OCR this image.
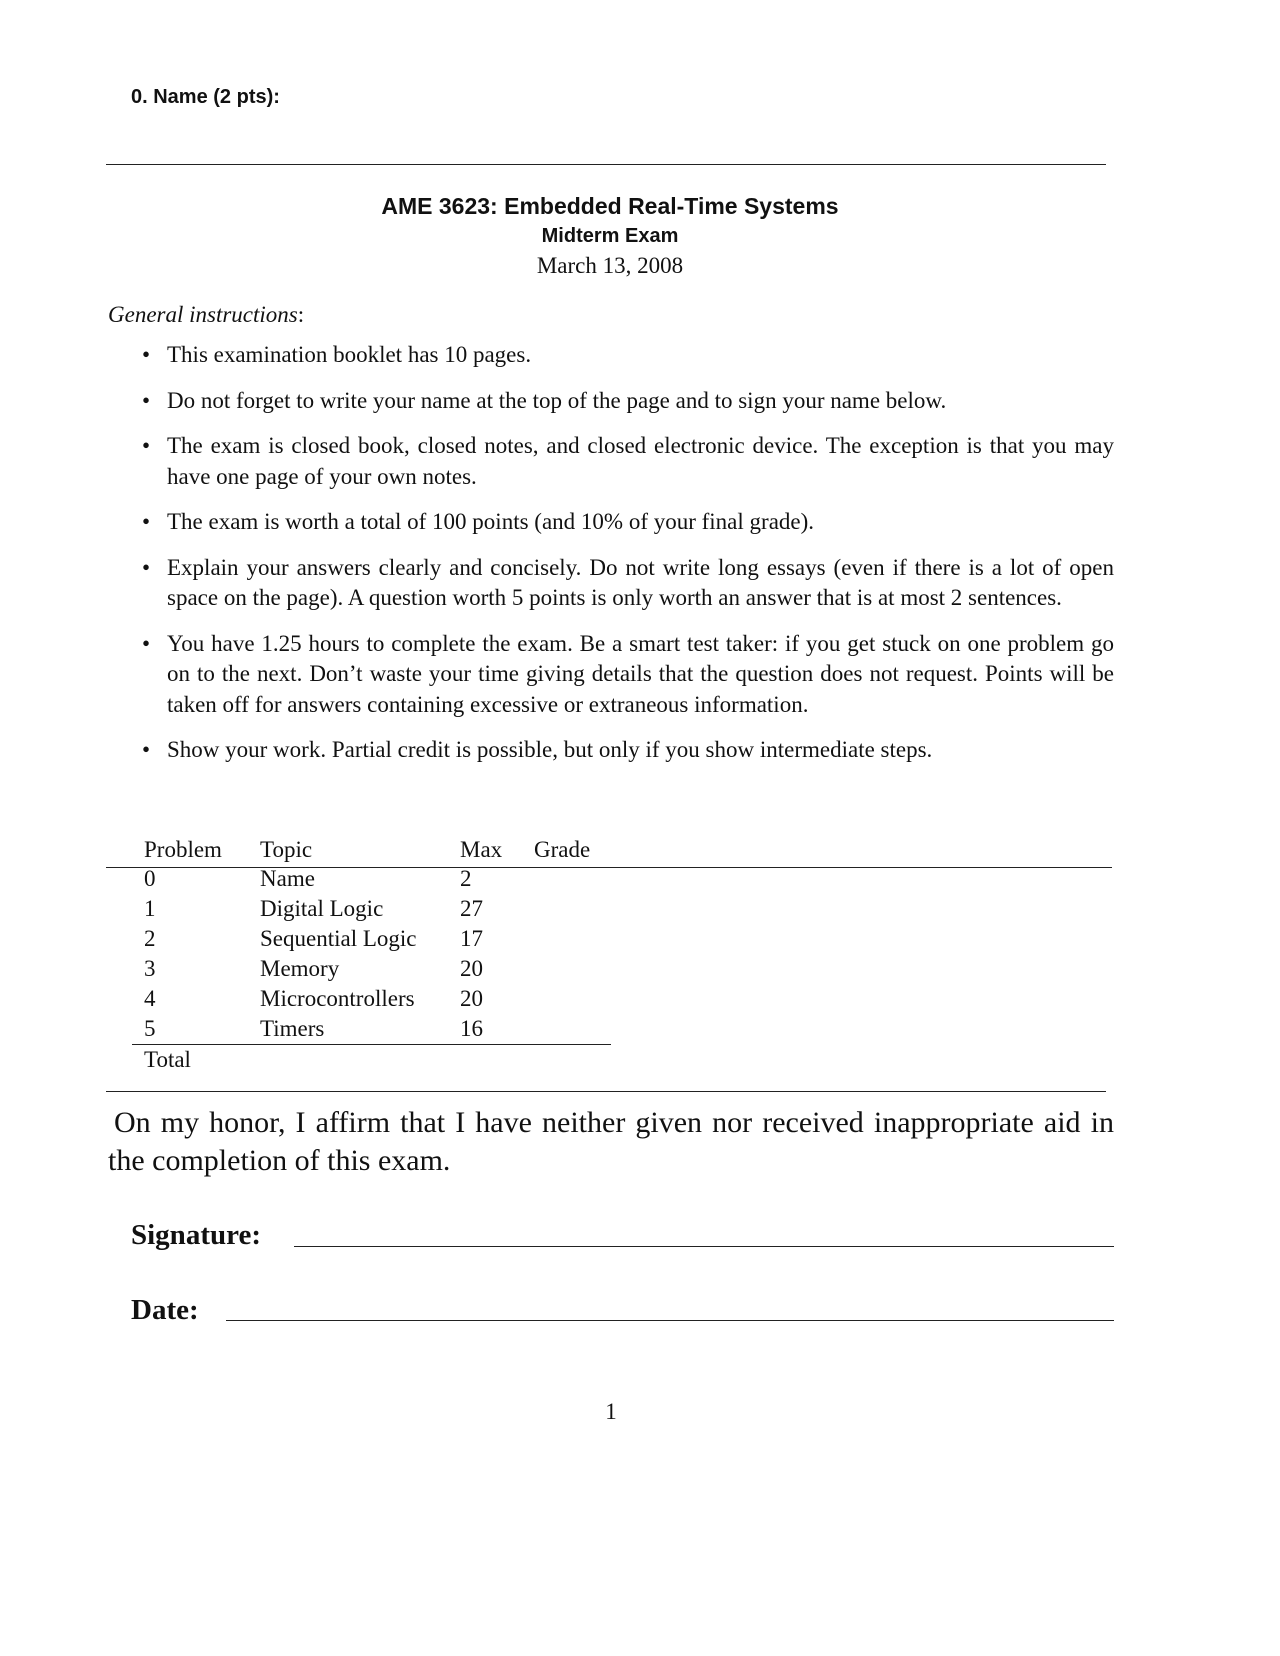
0. Name (2 pts):
AME 3623: Embedded Real-Time Systems
Midterm Exam
March 13, 2008
General instructions:
• This examination booklet has 10 pages.
• Do not forget to write your name at the top of the page and to sign your name below.
• The exam is closed book, closed notes, and closed electronic device. The exception is that you may have one page of your own notes.
• The exam is worth a total of 100 points (and 10% of your final grade).
• Explain your answers clearly and concisely. Do not write long essays (even if there is a lot of open space on the page). A question worth 5 points is only worth an answer that is at most 2 sentences.
• You have 1.25 hours to complete the exam. Be a smart test taker: if you get stuck on one problem go on to the next. Don’t waste your time giving details that the question does not request. Points will be taken off for answers containing excessive or extraneous information.
• Show your work. Partial credit is possible, but only if you show intermediate steps.
Problem Topic	Max Grade
0	Name	2
1	Digital Logic	27
2	Sequential Logic 17
3	Memory	20
4	Microcontrollers 20
5	Timers	16
Total
On my honor, I affirm that I have neither given nor received inappropriate aid in the completion of this exam.
Signature:
Date:
1
